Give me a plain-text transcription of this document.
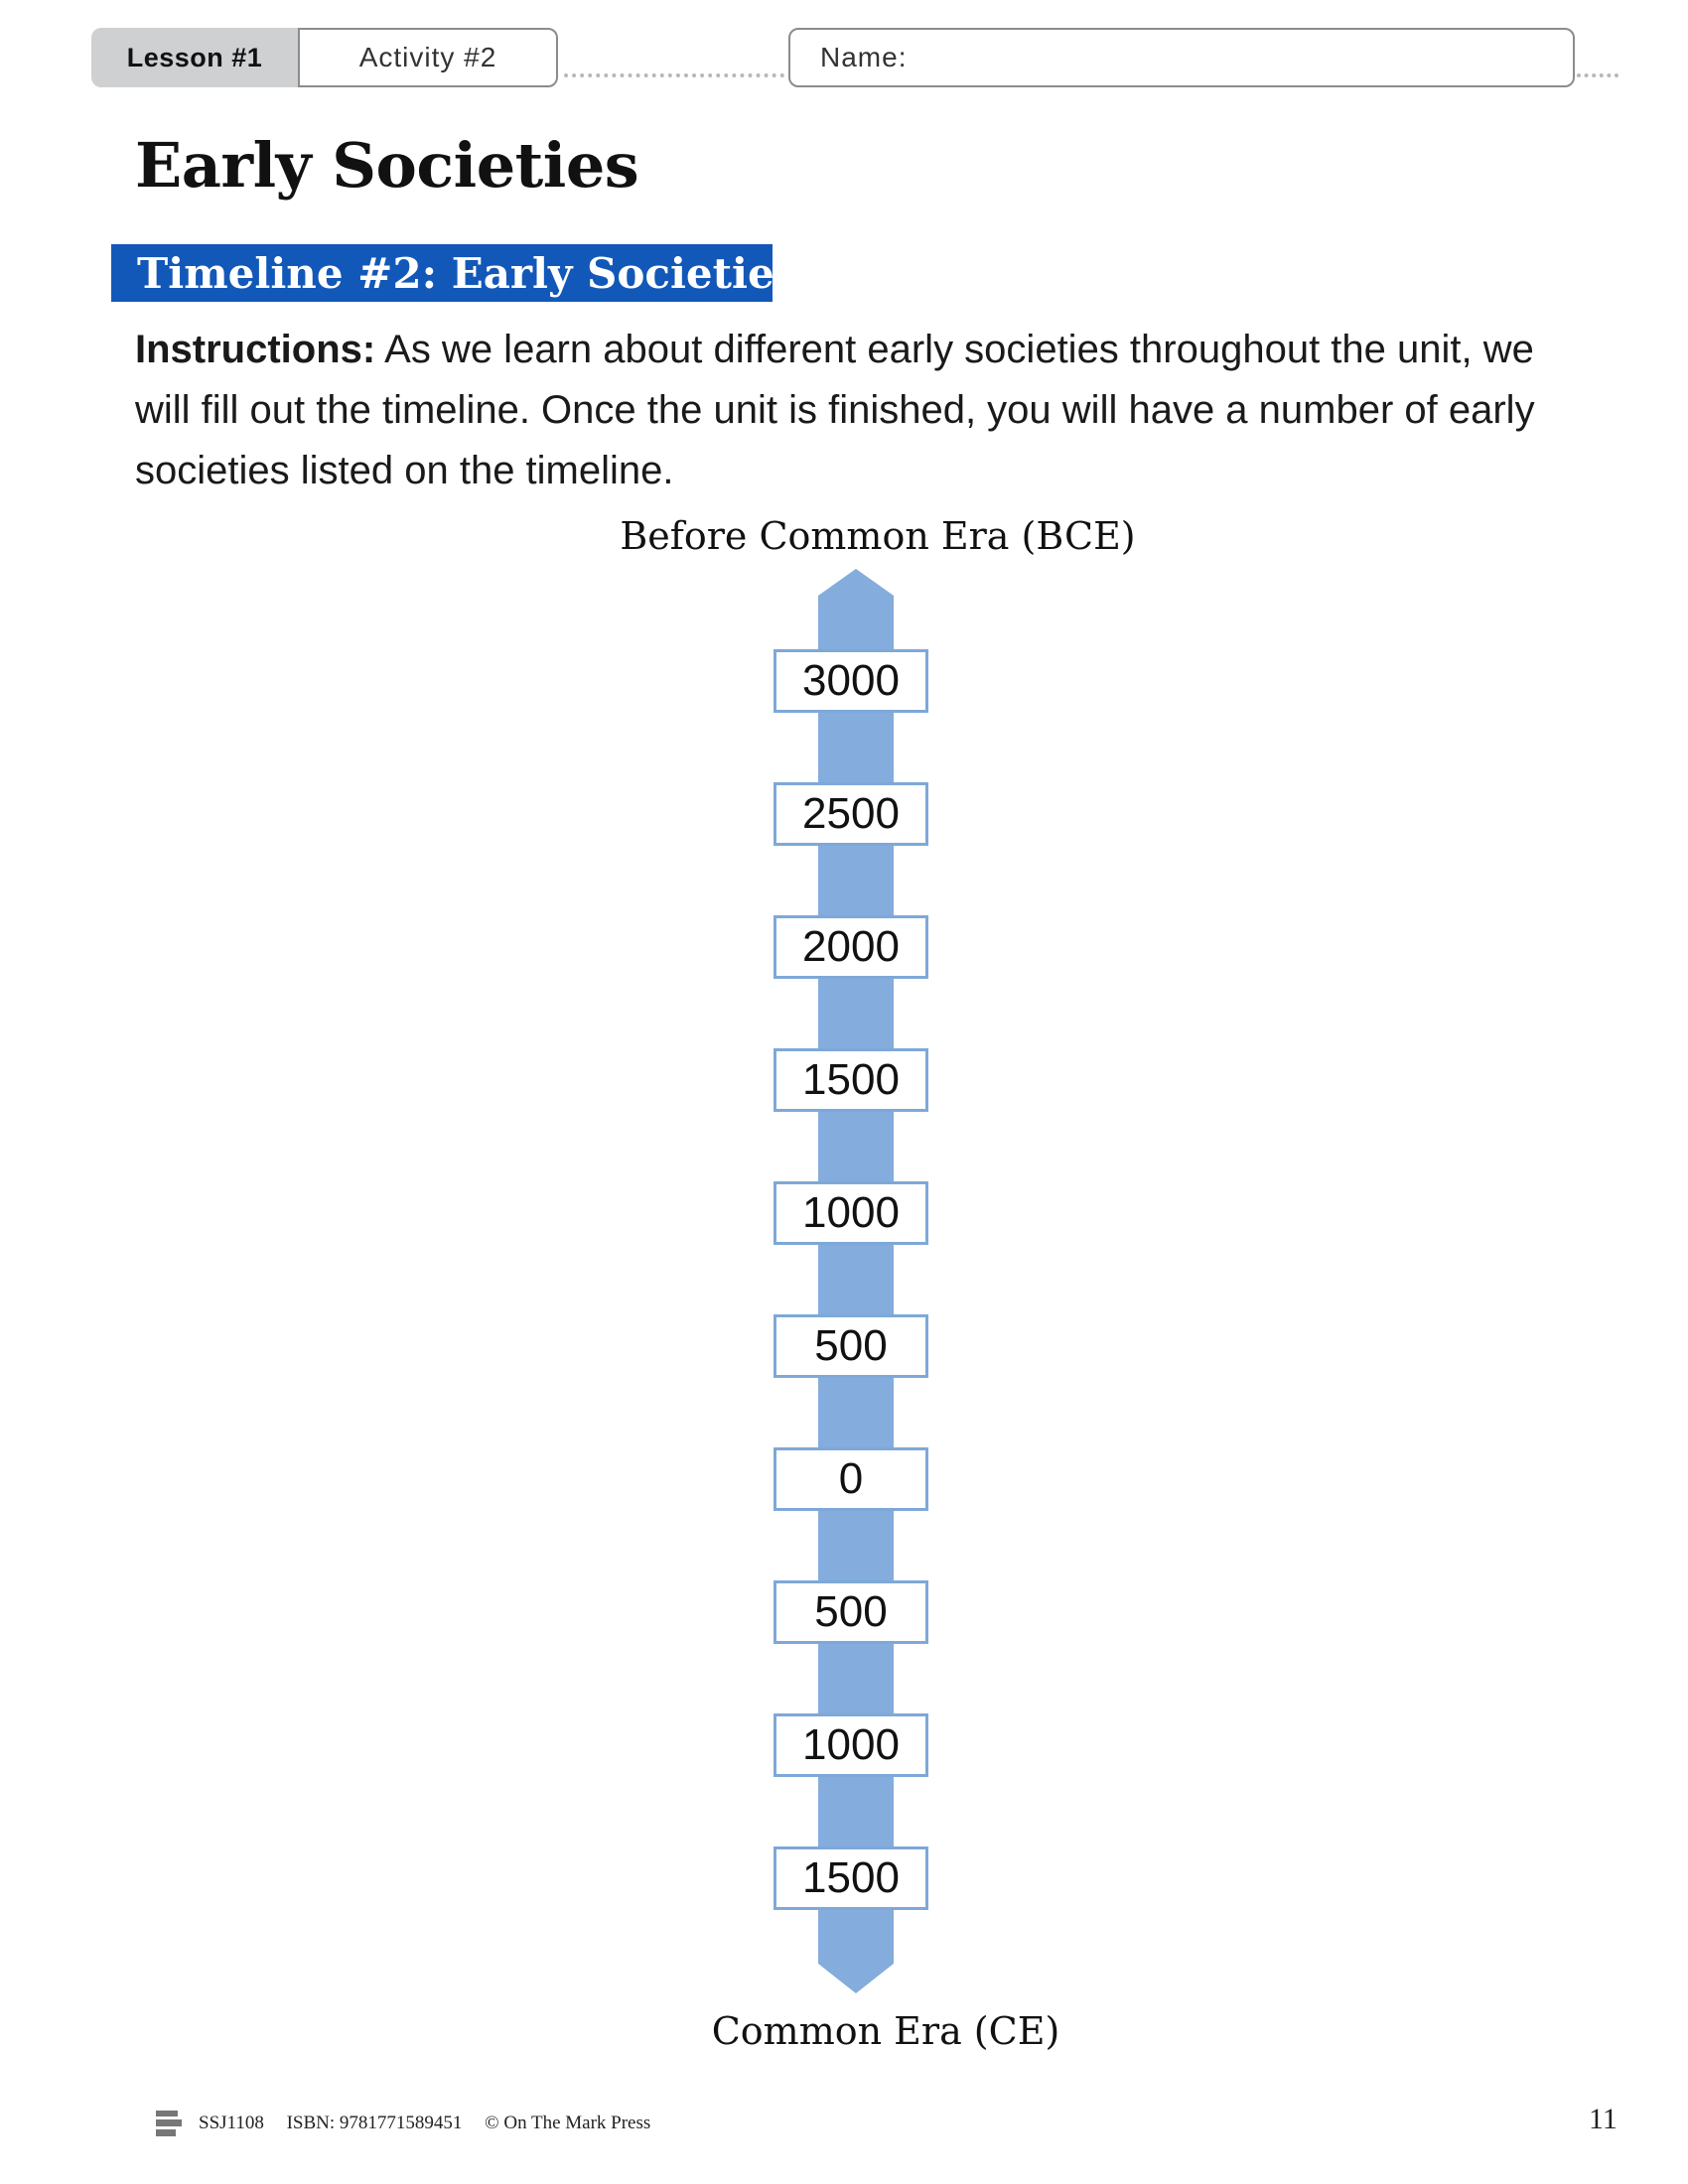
Lesson #1	Activity #2	Name:
Early Societies
Timeline #2: Early Societies
Instructions: As we learn about different early societies throughout the unit, we will fill out the timeline. Once the unit is finished, you will have a number of early societies listed on the timeline.
Before Common Era (BCE)
Common Era (CE)
3000
2500
2000
1500
1000
500
0
500
1000
1500
SSJ1108 ISBN: 9781771589451 © On The Mark Press	11
